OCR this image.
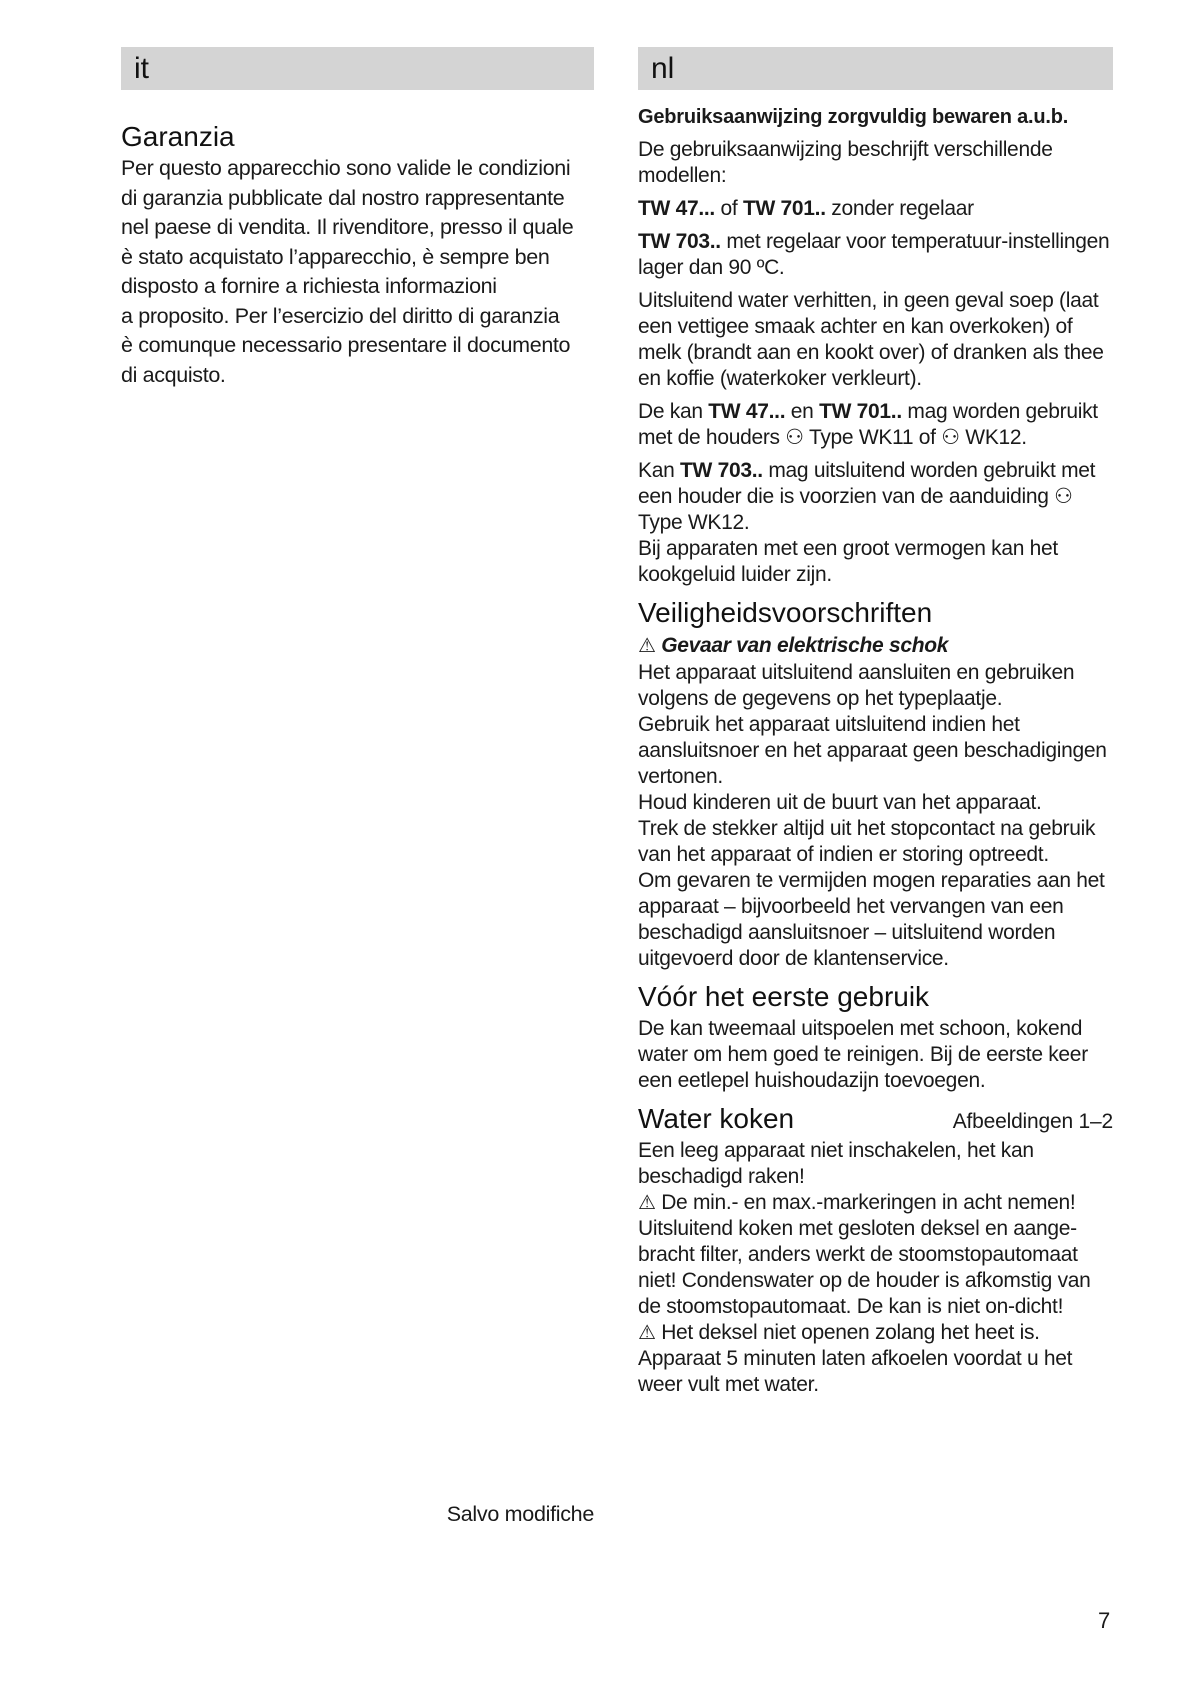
it
Garanzia
Per questo apparecchio sono valide le condizioni
di garanzia pubblicate dal nostro rappresentante
nel paese di vendita. Il rivenditore, presso il quale
è stato acquistato l’apparecchio, è sempre ben
disposto a fornire a richiesta informazioni
a proposito. Per l’esercizio del diritto di garanzia
è comunque necessario presentare il documento
di acquisto.
Salvo modifiche
nl

Gebruiksaanwijzing zorgvuldig bewaren a.u.b.

De gebruiksaanwijzing beschrijft verschillende modellen:

TW 47... of TW 701.. zonder regelaar

TW 703.. met regelaar voor temperatuur-instellingen lager dan 90 ºC.

Uitsluitend water verhitten, in geen geval soep (laat een vettigee smaak achter en kan overkoken) of melk (brandt aan en kookt over) of dranken als thee en koffie (waterkoker verkleurt).

De kan TW 47... en TW 701.. mag worden gebruikt met de houders ⚇ Type WK11 of ⚇ WK12.

Kan TW 703.. mag uitsluitend worden gebruikt met een houder die is voorzien van de aanduiding ⚇ Type WK12.

Bij apparaten met een groot vermogen kan het kookgeluid luider zijn.

Veiligheidsvoorschriften
⚠ Gevaar van elektrische schok

Het apparaat uitsluitend aansluiten en gebruiken volgens de gegevens op het typeplaatje.

Gebruik het apparaat uitsluitend indien het aansluitsnoer en het apparaat geen beschadigingen vertonen.

Houd kinderen uit de buurt van het apparaat.

Trek de stekker altijd uit het stopcontact na gebruik van het apparaat of indien er storing optreedt.

Om gevaren te vermijden mogen reparaties aan het apparaat – bijvoorbeeld het vervangen van een beschadigd aansluitsnoer – uitsluitend worden uitgevoerd door de klantenservice.

Vóór het eerste gebruik

De kan tweemaal uitspoelen met schoon, kokend water om hem goed te reinigen. Bij de eerste keer een eetlepel huishoudazijn toevoegen.

Water koken	Afbeeldingen 1–2

Een leeg apparaat niet inschakelen, het kan beschadigd raken!

⚠ De min.- en max.-markeringen in acht nemen!

Uitsluitend koken met gesloten deksel en aange-bracht filter, anders werkt de stoomstopautomaat niet! Condenswater op de houder is afkomstig van de stoomstopautomaat. De kan is niet on-dicht!

⚠ Het deksel niet openen zolang het heet is.

Apparaat 5 minuten laten afkoelen voordat u het weer vult met water.

7
